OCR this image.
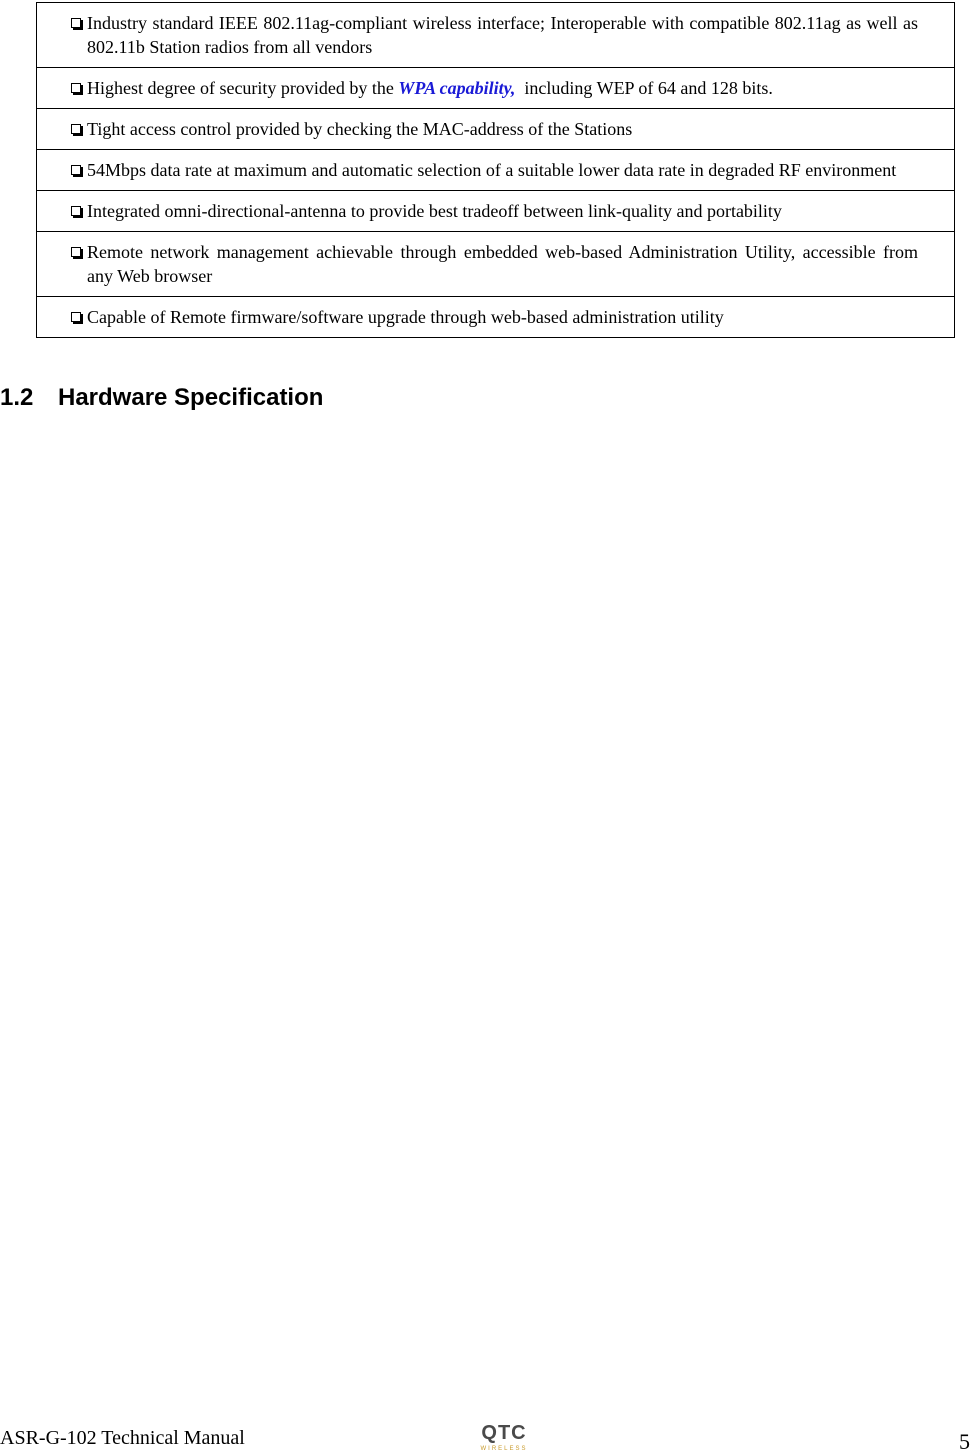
Industry standard IEEE 802.11ag-compliant wireless interface; Interoperable with compatible 802.11ag as well as 802.11b Station radios from all vendors

Highest degree of security provided by the WPA capability,  including WEP of 64 and 128 bits.

Tight access control provided by checking the MAC-address of the Stations

54Mbps data rate at maximum and automatic selection of a suitable lower data rate in degraded RF environment

Integrated omni-directional-antenna to provide best tradeoff between link-quality and portability

Remote network management achievable through embedded web-based Administration Utility, accessible from any Web browser

Capable of Remote firmware/software upgrade through web-based administration utility
1.2 Hardware Specification
ASR-G-102 Technical Manual	QTC
WIRELESS	5
